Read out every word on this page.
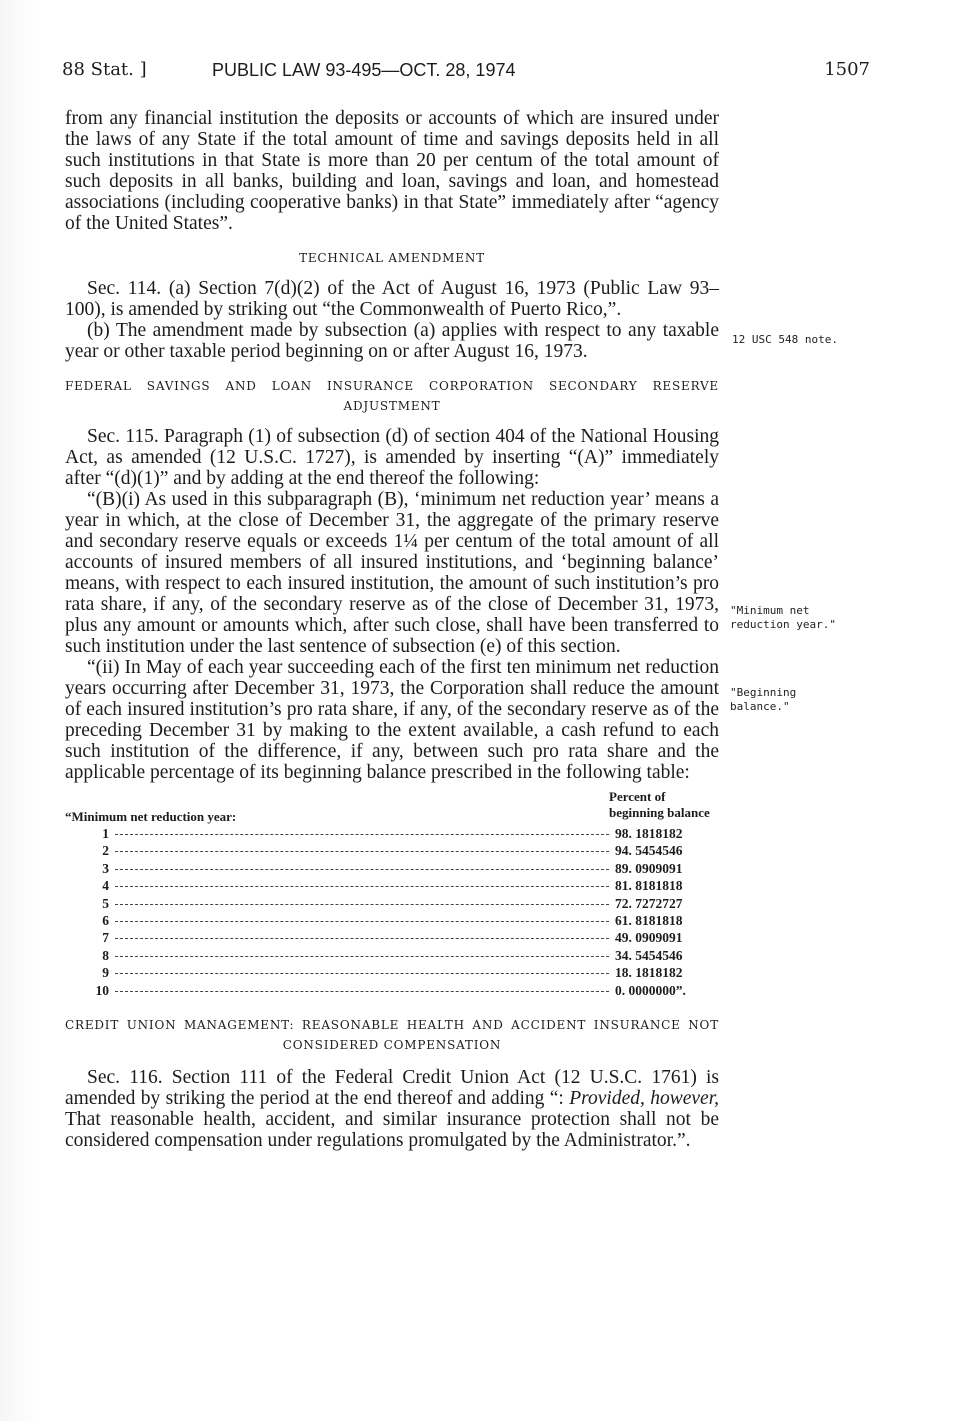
88 Stat. ]	PUBLIC LAW 93-495—OCT. 28, 1974	1507

from any financial institution the deposits or accounts of which are insured under the laws of any State if the total amount of time and savings deposits held in all such institutions in that State is more than 20 per centum of the total amount of such deposits in all banks, building and loan, savings and loan, and homestead associations (including cooperative banks) in that State” immediately after “agency of the United States”.

TECHNICAL AMENDMENT

Sec. 114. (a) Section 7(d)(2) of the Act of August 16, 1973 (Public Law 93–100), is amended by striking out “the Commonwealth of Puerto Rico,”.

(b) The amendment made by subsection (a) applies with respect to any taxable year or other taxable period beginning on or after August 16, 1973.

FEDERAL SAVINGS AND LOAN INSURANCE CORPORATION SECONDARY RESERVE ADJUSTMENT

Sec. 115. Paragraph (1) of subsection (d) of section 404 of the National Housing Act, as amended (12 U.S.C. 1727), is amended by inserting “(A)” immediately after “(d)(1)” and by adding at the end thereof the following:

“(B)(i) As used in this subparagraph (B), ‘minimum net reduction year’ means a year in which, at the close of December 31, the aggregate of the primary reserve and secondary reserve equals or exceeds 1¼ per centum of the total amount of all accounts of insured members of all insured institutions, and ‘beginning balance’ means, with respect to each insured institution, the amount of such institution’s pro rata share, if any, of the secondary reserve as of the close of December 31, 1973, plus any amount or amounts which, after such close, shall have been transferred to such institution under the last sentence of subsection (e) of this section.

“(ii) In May of each year succeeding each of the first ten minimum net reduction years occurring after December 31, 1973, the Corporation shall reduce the amount of each insured institution’s pro rata share, if any, of the secondary reserve as of the preceding December 31 by making to the extent available, a cash refund to each such institution of the difference, if any, between such pro rata share and the applicable percentage of its beginning balance prescribed in the following table:

“Minimum net reduction year:
Percent of beginning balance
1	98. 1818182
2	94. 5454546
3	89. 0909091
4	81. 8181818
5	72. 7272727
6	61. 8181818
7	49. 0909091
8	34. 5454546
9	18. 1818182
10	0. 0000000”.
CREDIT UNION MANAGEMENT: REASONABLE HEALTH AND ACCIDENT INSURANCE NOT CONSIDERED COMPENSATION

Sec. 116. Section 111 of the Federal Credit Union Act (12 U.S.C. 1761) is amended by striking the period at the end thereof and adding “: Provided, however, That reasonable health, accident, and similar insurance protection shall not be considered compensation under regulations promulgated by the Administrator.”.

12 USC 548 note.
"Minimum net reduction year."
"Beginning balance."
